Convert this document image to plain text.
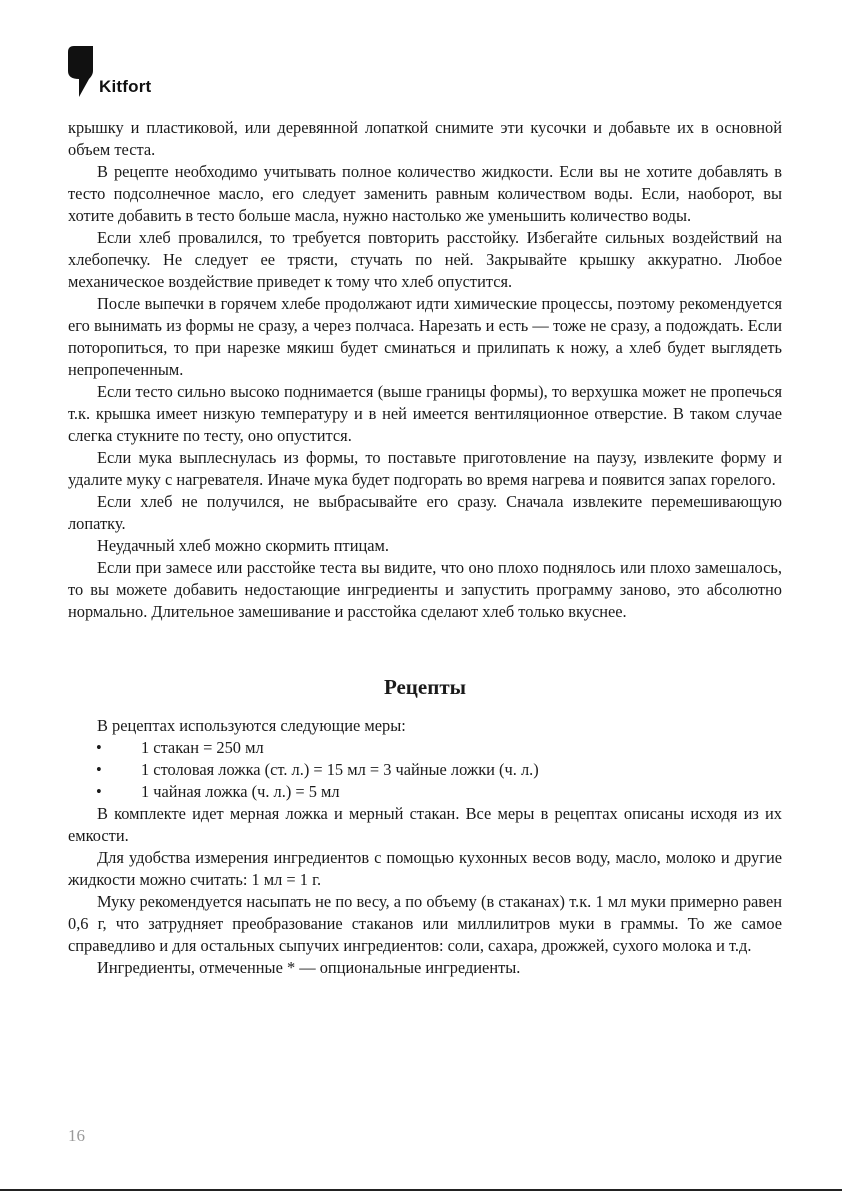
Kitfort

крышку и пластиковой, или деревянной лопаткой снимите эти кусочки и добавьте их в основной объем теста.

В рецепте необходимо учитывать полное количество жидкости. Если вы не хотите добавлять в тесто подсолнечное масло, его следует заменить равным количеством воды. Если, наоборот, вы хотите добавить в тесто больше масла, нужно настолько же уменьшить количество воды.

Если хлеб провалился, то требуется повторить расстойку. Избегайте сильных воздействий на хлебопечку. Не следует ее трясти, стучать по ней. Закрывайте крышку аккуратно. Любое механическое воздействие приведет к тому что хлеб опустится.

После выпечки в горячем хлебе продолжают идти химические процессы, поэтому рекомендуется его вынимать из формы не сразу, а через полчаса. Нарезать и есть — тоже не сразу, а подождать. Если поторопиться, то при нарезке мякиш будет сминаться и прилипать к ножу, а хлеб будет выглядеть непропеченным.

Если тесто сильно высоко поднимается (выше границы формы), то верхушка может не пропечься т.к. крышка имеет низкую температуру и в ней имеется вентиляционное отверстие. В таком случае слегка стукните по тесту, оно опустится.

Если мука выплеснулась из формы, то поставьте приготовление на паузу, извлеките форму и удалите муку с нагревателя. Иначе мука будет подгорать во время нагрева и появится запах горелого.

Если хлеб не получился, не выбрасывайте его сразу. Сначала извлеките перемешивающую лопатку.

Неудачный хлеб можно скормить птицам.

Если при замесе или расстойке теста вы видите, что оно плохо поднялось или плохо замешалось, то вы можете добавить недостающие ингредиенты и запустить программу заново, это абсолютно нормально. Длительное замешивание и расстойка сделают хлеб только вкуснее.

Рецепты

В рецептах используются следующие меры:

• 1 стакан = 250 мл
• 1 столовая ложка (ст. л.) = 15 мл = 3 чайные ложки (ч. л.)
• 1 чайная ложка (ч. л.) = 5 мл

В комплекте идет мерная ложка и мерный стакан. Все меры в рецептах описаны исходя из их емкости.

Для удобства измерения ингредиентов с помощью кухонных весов воду, масло, молоко и другие жидкости можно считать: 1 мл = 1 г.

Муку рекомендуется насыпать не по весу, а по объему (в стаканах) т.к. 1 мл муки примерно равен 0,6 г, что затрудняет преобразование стаканов или миллилитров муки в граммы. То же самое справедливо и для остальных сыпучих ингредиентов: соли, сахара, дрожжей, сухого молока и т.д.

Ингредиенты, отмеченные * — опциональные ингредиенты.

16
